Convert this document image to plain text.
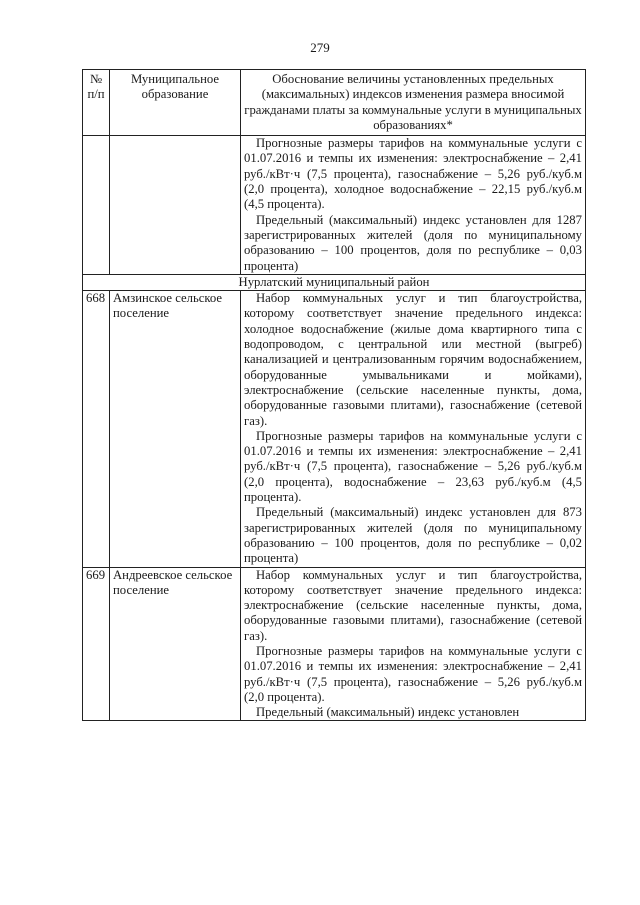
279
№ п/п	Муниципальное образование	Обоснование величины установленных предельных (максимальных) индексов изменения размера вносимой гражданами платы за коммунальные услуги в муниципальных образованиях*

		Прогнозные размеры тарифов на коммунальные услуги с 01.07.2016 и темпы их изменения: электроснабжение – 2,41 руб./кВт·ч (7,5 процента), газоснабжение – 5,26 руб./куб.м (2,0 процента), холодное водоснабжение – 22,15 руб./куб.м (4,5 процента).

Предельный (максимальный) индекс установлен для 1287 зарегистрированных жителей (доля по муниципальному образованию – 100 процентов, доля по республике – 0,03 процента)

Нурлатский муниципальный район		
668	Амзинское сельское поселение	Набор коммунальных услуг и тип благоустройства, которому соответствует значение предельного индекса: холодное водоснабжение (жилые дома квартирного типа с водопроводом, с центральной или местной (выгреб) канализацией и централизованным горячим водоснабжением, оборудованные умывальниками и мойками), электроснабжение (сельские населенные пункты, дома, оборудованные газовыми плитами), газоснабжение (сетевой газ).

Прогнозные размеры тарифов на коммунальные услуги с 01.07.2016 и темпы их изменения: электроснабжение – 2,41 руб./кВт·ч (7,5 процента), газоснабжение – 5,26 руб./куб.м (2,0 процента), водоснабжение – 23,63 руб./куб.м (4,5 процента).

Предельный (максимальный) индекс установлен для 873 зарегистрированных жителей (доля по муниципальному образованию – 100 процентов, доля по республике – 0,02 процента)

669	Андреевское сельское поселение	Набор коммунальных услуг и тип благоустройства, которому соответствует значение предельного индекса: электроснабжение (сельские населенные пункты, дома, оборудованные газовыми плитами), газоснабжение (сетевой газ).

Прогнозные размеры тарифов на коммунальные услуги с 01.07.2016 и темпы их изменения: электроснабжение – 2,41 руб./кВт·ч (7,5 процента), газоснабжение – 5,26 руб./куб.м (2,0 процента).

Предельный (максимальный) индекс установлен
